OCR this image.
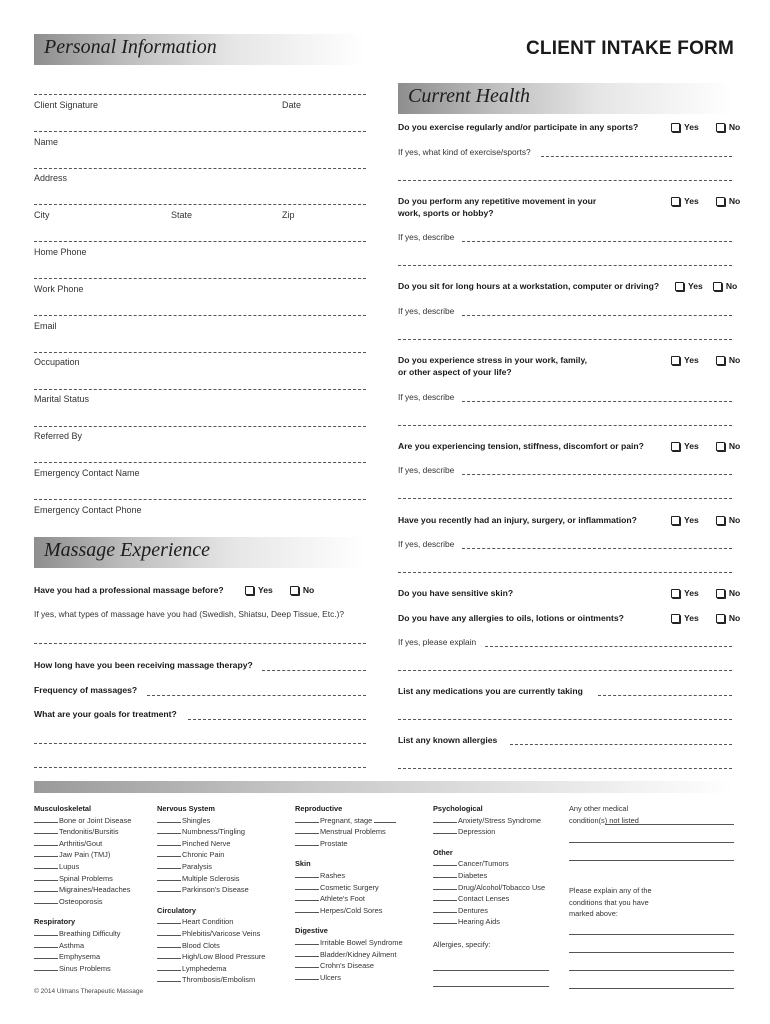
CLIENT INTAKE FORM
Personal Information
Current Health
Massage Experience
Client Signature	Date
Name
Address
City	State	Zip
Home Phone
Work Phone
Email
Occupation
Marital Status
Referred By
Emergency Contact Name
Emergency Contact Phone
Have you had a professional massage before?	Yes	No
If yes, what types of massage have you had (Swedish, Shiatsu, Deep Tissue, Etc.)?
How long have you been receiving massage therapy?
Frequency of massages?
What are your goals for treatment?
Do you exercise regularly and/or participate in any sports?	Yes	No
If yes, what kind of exercise/sports?
Do you perform any repetitive movement in your work, sports or hobby?
Yes	No
If yes, describe
Do you sit for long hours at a workstation, computer or driving?	Yes	No
If yes, describe
Do you experience stress in your work, family, or other aspect of your life?
Yes	No
If yes, describe
Are you experiencing tension, stiffness, discomfort or pain?	Yes	No
If yes, describe
Have you recently had an injury, surgery, or inflammation?	Yes	No
If yes, describe
Do you have sensitive skin?	Yes	No
Do you have any allergies to oils, lotions or ointments?	Yes	No
If yes, please explain
List any medications you are currently taking
List any known allergies
Musculoskeletal
Bone or Joint Disease
Tendonitis/Bursitis
Arthritis/Gout
Jaw Pain (TMJ)
Lupus
Spinal Problems
Migraines/Headaches
Osteoporosis
Respiratory
Breathing Difficulty
Asthma
Emphysema
Sinus Problems
Nervous System
Shingles
Numbness/Tingling
Pinched Nerve
Chronic Pain
Paralysis
Multiple Sclerosis
Parkinson's Disease
Circulatory
Heart Condition
Phlebitis/Varicose Veins
Blood Clots
High/Low Blood Pressure
Lymphedema
Thrombosis/Embolism
Reproductive
Pregnant, stage
Menstrual Problems
Prostate
Skin
Rashes
Cosmetic Surgery
Athlete's Foot
Herpes/Cold Sores
Digestive
Irritable Bowel Syndrome
Bladder/Kidney Ailment
Crohn's Disease
Ulcers
Psychological
Anxiety/Stress Syndrome
Depression
Other
Cancer/Tumors
Diabetes
Drug/Alcohol/Tobacco Use
Contact Lenses
Dentures
Hearing Aids
Allergies, specify:
Any other medical condition(s) not listed
Please explain any of the conditions that you have marked above:
© 2014 Ulmans Therapeutic Massage
